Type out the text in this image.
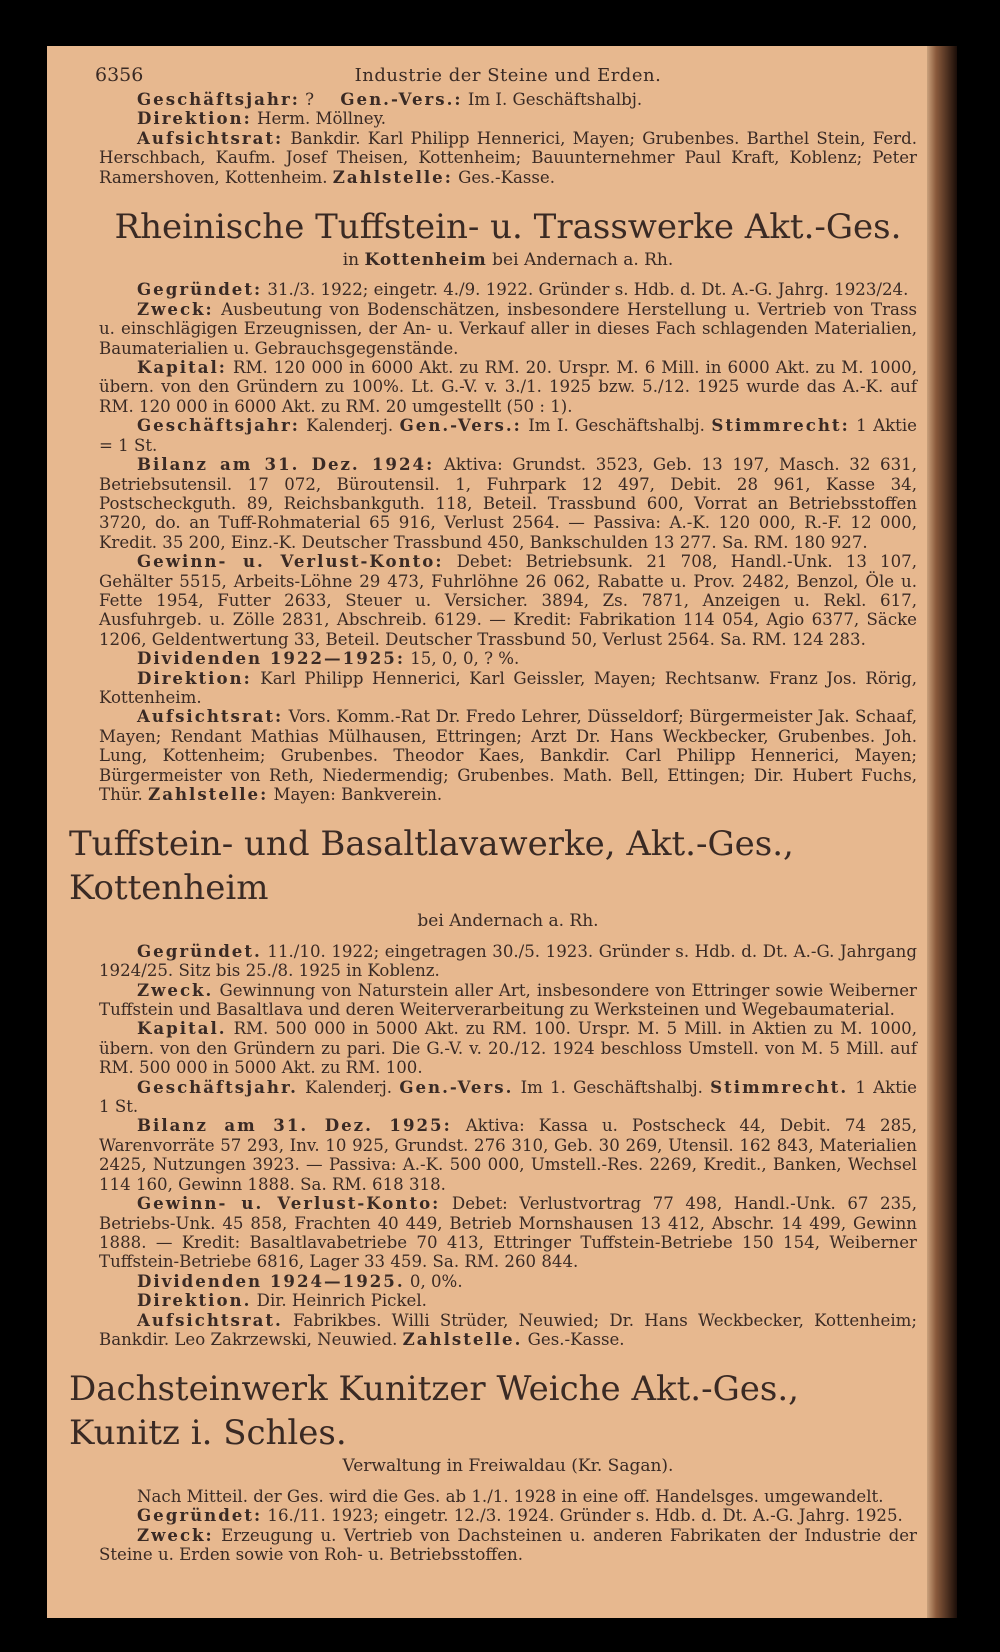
6356	Industrie der Steine und Erden.

Geschäftsjahr: ?     Gen.-Vers.: Im I. Geschäftshalbj.

Direktion: Herm. Möllney.

Aufsichtsrat: Bankdir. Karl Philipp Hennerici, Mayen; Grubenbes. Barthel Stein, Ferd. Herschbach, Kaufm. Josef Theisen, Kottenheim; Bauunternehmer Paul Kraft, Koblenz; Peter Ramershoven, Kottenheim. Zahlstelle: Ges.-Kasse.

Rheinische Tuffstein- u. Trasswerke Akt.-Ges.
in Kottenheim bei Andernach a. Rh.

Gegründet: 31./3. 1922; eingetr. 4./9. 1922. Gründer s. Hdb. d. Dt. A.-G. Jahrg. 1923/24.

Zweck: Ausbeutung von Bodenschätzen, insbesondere Herstellung u. Vertrieb von Trass u. einschlägigen Erzeugnissen, der An- u. Verkauf aller in dieses Fach schlagenden Materialien, Baumaterialien u. Gebrauchsgegenstände.

Kapital: RM. 120 000 in 6000 Akt. zu RM. 20. Urspr. M. 6 Mill. in 6000 Akt. zu M. 1000, übern. von den Gründern zu 100%. Lt. G.-V. v. 3./1. 1925 bzw. 5./12. 1925 wurde das A.-K. auf RM. 120 000 in 6000 Akt. zu RM. 20 umgestellt (50 : 1).

Geschäftsjahr: Kalenderj. Gen.-Vers.: Im I. Geschäftshalbj. Stimmrecht: 1 Aktie = 1 St.

Bilanz am 31. Dez. 1924: Aktiva: Grundst. 3523, Geb. 13 197, Masch. 32 631, Betriebsutensil. 17 072, Büroutensil. 1, Fuhrpark 12 497, Debit. 28 961, Kasse 34, Postscheckguth. 89, Reichsbankguth. 118, Beteil. Trassbund 600, Vorrat an Betriebsstoffen 3720, do. an Tuff-Rohmaterial 65 916, Verlust 2564. — Passiva: A.-K. 120 000, R.-F. 12 000, Kredit. 35 200, Einz.-K. Deutscher Trassbund 450, Bankschulden 13 277. Sa. RM. 180 927.

Gewinn- u. Verlust-Konto: Debet: Betriebsunk. 21 708, Handl.-Unk. 13 107, Gehälter 5515, Arbeits-Löhne 29 473, Fuhrlöhne 26 062, Rabatte u. Prov. 2482, Benzol, Öle u. Fette 1954, Futter 2633, Steuer u. Versicher. 3894, Zs. 7871, Anzeigen u. Rekl. 617, Ausfuhrgeb. u. Zölle 2831, Abschreib. 6129. — Kredit: Fabrikation 114 054, Agio 6377, Säcke 1206, Geldentwertung 33, Beteil. Deutscher Trassbund 50, Verlust 2564. Sa. RM. 124 283.

Dividenden 1922—1925: 15, 0, 0, ? %.

Direktion: Karl Philipp Hennerici, Karl Geissler, Mayen; Rechtsanw. Franz Jos. Rörig, Kottenheim.

Aufsichtsrat: Vors. Komm.-Rat Dr. Fredo Lehrer, Düsseldorf; Bürgermeister Jak. Schaaf, Mayen; Rendant Mathias Mülhausen, Ettringen; Arzt Dr. Hans Weckbecker, Grubenbes. Joh. Lung, Kottenheim; Grubenbes. Theodor Kaes, Bankdir. Carl Philipp Hennerici, Mayen; Bürgermeister von Reth, Niedermendig; Grubenbes. Math. Bell, Ettingen; Dir. Hubert Fuchs, Thür. Zahlstelle: Mayen: Bankverein.

Tuffstein- und Basaltlavawerke, Akt.-Ges., Kottenheim
bei Andernach a. Rh.

Gegründet. 11./10. 1922; eingetragen 30./5. 1923. Gründer s. Hdb. d. Dt. A.-G. Jahrgang 1924/25. Sitz bis 25./8. 1925 in Koblenz.

Zweck. Gewinnung von Naturstein aller Art, insbesondere von Ettringer sowie Weiberner Tuffstein und Basaltlava und deren Weiterverarbeitung zu Werksteinen und Wegebaumaterial.

Kapital. RM. 500 000 in 5000 Akt. zu RM. 100. Urspr. M. 5 Mill. in Aktien zu M. 1000, übern. von den Gründern zu pari. Die G.-V. v. 20./12. 1924 beschloss Umstell. von M. 5 Mill. auf RM. 500 000 in 5000 Akt. zu RM. 100.

Geschäftsjahr. Kalenderj. Gen.-Vers. Im 1. Geschäftshalbj. Stimmrecht. 1 Aktie 1 St.

Bilanz am 31. Dez. 1925: Aktiva: Kassa u. Postscheck 44, Debit. 74 285, Warenvorräte 57 293, Inv. 10 925, Grundst. 276 310, Geb. 30 269, Utensil. 162 843, Materialien 2425, Nutzungen 3923. — Passiva: A.-K. 500 000, Umstell.-Res. 2269, Kredit., Banken, Wechsel 114 160, Gewinn 1888. Sa. RM. 618 318.

Gewinn- u. Verlust-Konto: Debet: Verlustvortrag 77 498, Handl.-Unk. 67 235, Betriebs-Unk. 45 858, Frachten 40 449, Betrieb Mornshausen 13 412, Abschr. 14 499, Gewinn 1888. — Kredit: Basaltlavabetriebe 70 413, Ettringer Tuffstein-Betriebe 150 154, Weiberner Tuffstein-Betriebe 6816, Lager 33 459. Sa. RM. 260 844.

Dividenden 1924—1925. 0, 0%.

Direktion. Dir. Heinrich Pickel.

Aufsichtsrat. Fabrikbes. Willi Strüder, Neuwied; Dr. Hans Weckbecker, Kottenheim; Bankdir. Leo Zakrzewski, Neuwied. Zahlstelle. Ges.-Kasse.

Dachsteinwerk Kunitzer Weiche Akt.-Ges., Kunitz i. Schles.
Verwaltung in Freiwaldau (Kr. Sagan).

Nach Mitteil. der Ges. wird die Ges. ab 1./1. 1928 in eine off. Handelsges. umgewandelt.

Gegründet: 16./11. 1923; eingetr. 12./3. 1924. Gründer s. Hdb. d. Dt. A.-G. Jahrg. 1925.

Zweck: Erzeugung u. Vertrieb von Dachsteinen u. anderen Fabrikaten der Industrie der Steine u. Erden sowie von Roh- u. Betriebsstoffen.
